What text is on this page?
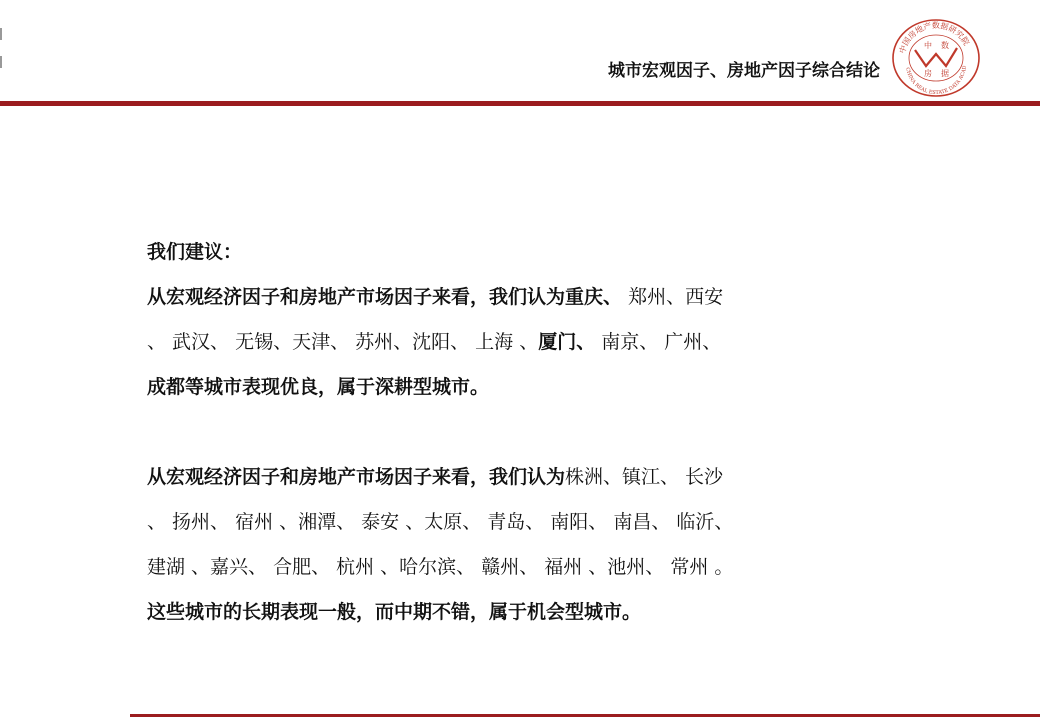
城市宏观因子、房地产因子综合结论
中国房地产数据研究院
CHINA REAL ESTATE DATA ACAD
中 数
房 据
我们建议：
从宏观经济因子和房地产市场因子来看，我们认为重庆、 郑州、西安
、 武汉、 无锡、天津、 苏州、沈阳、 上海 、厦门、 南京、 广州、
成都等城市表现优良，属于深耕型城市。
从宏观经济因子和房地产市场因子来看，我们认为株洲、镇江、 长沙
、 扬州、 宿州 、湘潭、 泰安 、太原、 青岛、 南阳、 南昌、 临沂、
建湖 、嘉兴、 合肥、 杭州 、哈尔滨、 赣州、 福州 、池州、 常州 。
这些城市的长期表现一般，而中期不错，属于机会型城市。
